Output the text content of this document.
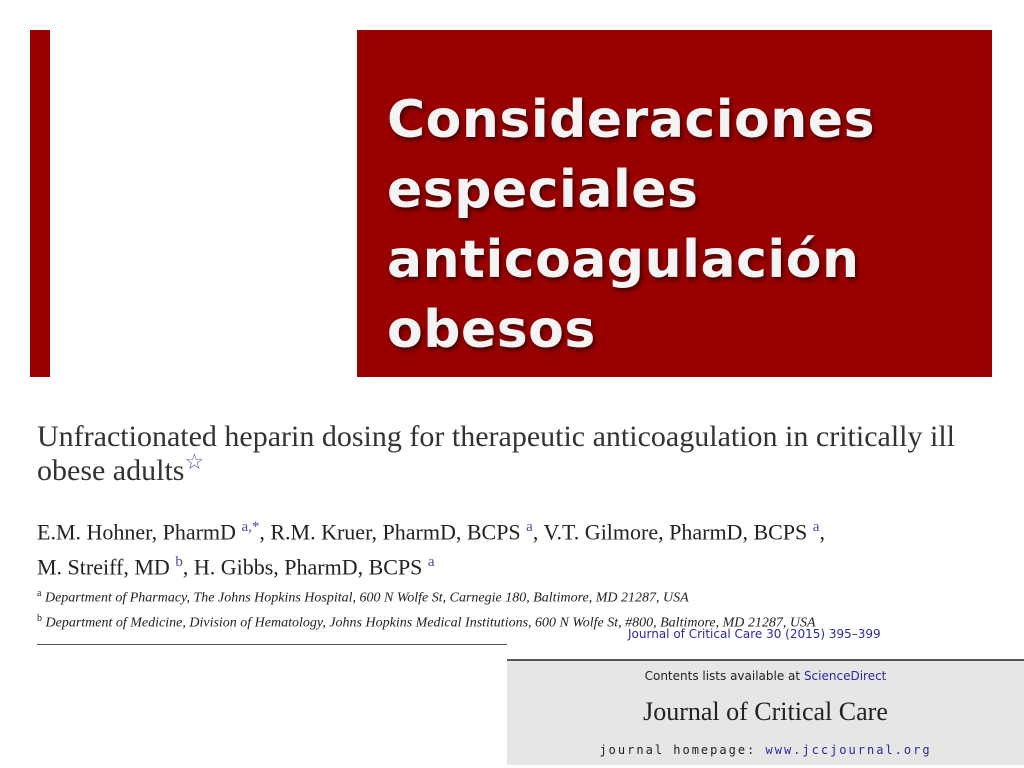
Consideraciones
especiales
anticoagulación
obesos
Unfractionated heparin dosing for therapeutic anticoagulation in critically ill obese adults☆
E.M. Hohner, PharmD $^{a,*}$, R.M. Kruer, PharmD, BCPS $^a$, V.T. Gilmore, PharmD, BCPS $^a$,
M. Streiff, MD $^b$, H. Gibbs, PharmD, BCPS $^a$
$^a$ Department of Pharmacy, The Johns Hopkins Hospital, 600 N Wolfe St, Carnegie 180, Baltimore, MD 21287, USA
$^b$ Department of Medicine, Division of Hematology, Johns Hopkins Medical Institutions, 600 N Wolfe St, #800, Baltimore, MD 21287, USA
Journal of Critical Care 30 (2015) 395–399
Contents lists available at ScienceDirect
Journal of Critical Care
journal homepage: www.jccjournal.org
